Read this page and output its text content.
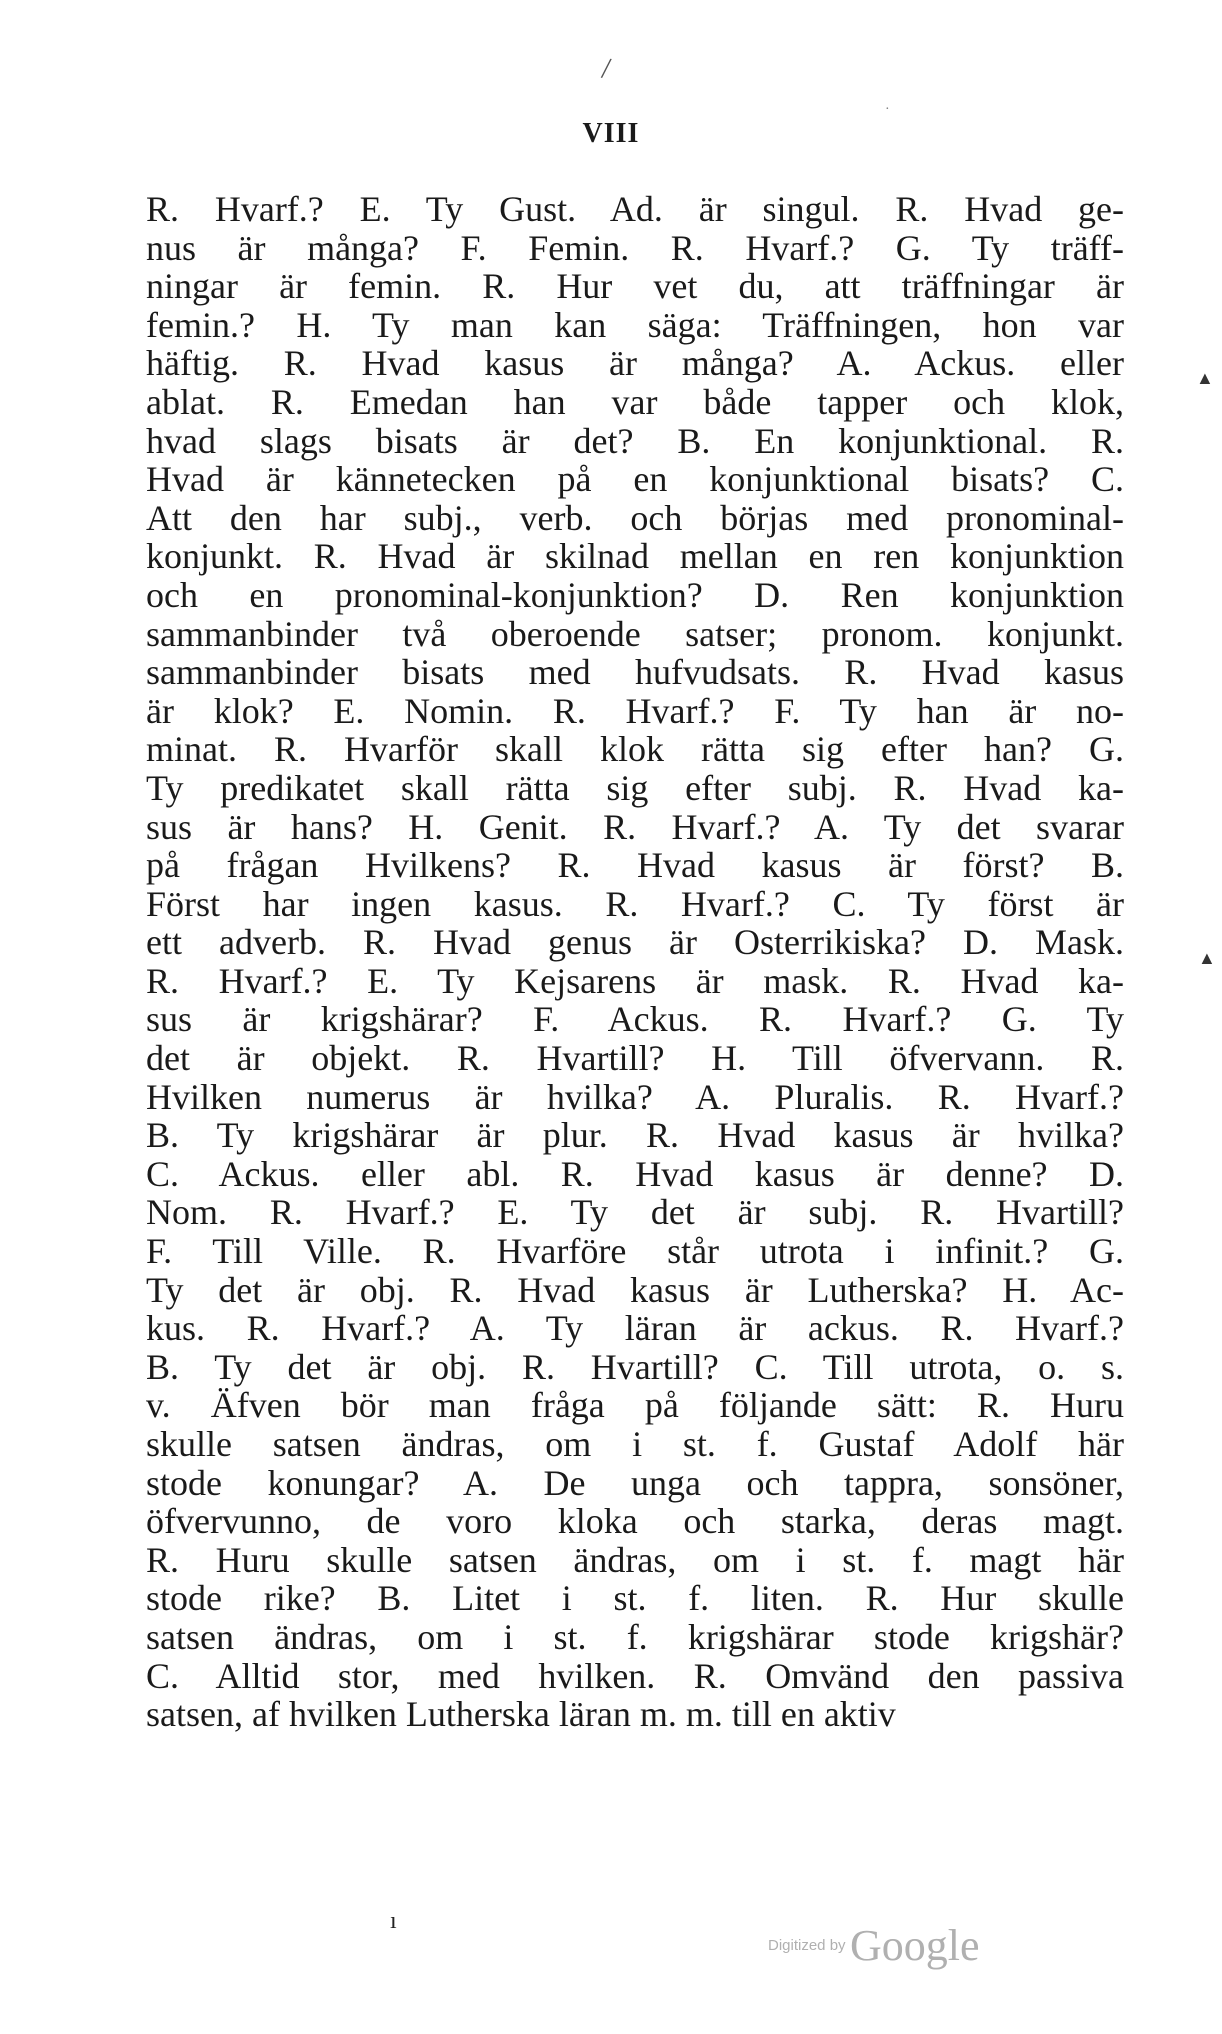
/
·
VIII
R. Hvarf.? E. Ty Gust. Ad. är singul. R. Hvad ge-
nus är många? F. Femin. R. Hvarf.? G. Ty träff-
ningar är femin. R. Hur vet du, att träffningar är
femin.? H. Ty man kan säga: Träffningen, hon var
häftig. R. Hvad kasus är många? A. Ackus. eller
ablat. R. Emedan han var både tapper och klok,
hvad slags bisats är det? B. En konjunktional. R.
Hvad är kännetecken på en konjunktional bisats? C.
Att den har subj., verb. och börjas med pronominal-
konjunkt. R. Hvad är skilnad mellan en ren konjunktion
och en pronominal-konjunktion? D. Ren konjunktion
sammanbinder två oberoende satser; pronom. konjunkt.
sammanbinder bisats med hufvudsats. R. Hvad kasus
är klok? E. Nomin. R. Hvarf.? F. Ty han är no-
minat. R. Hvarför skall klok rätta sig efter han? G.
Ty predikatet skall rätta sig efter subj. R. Hvad ka-
sus är hans? H. Genit. R. Hvarf.? A. Ty det svarar
på frågan Hvilkens? R. Hvad kasus är först? B.
Först har ingen kasus. R. Hvarf.? C. Ty först är
ett adverb. R. Hvad genus är Osterrikiska? D. Mask.
R. Hvarf.? E. Ty Kejsarens är mask. R. Hvad ka-
sus är krigshärar? F. Ackus. R. Hvarf.? G. Ty
det är objekt. R. Hvartill? H. Till öfvervann. R.
Hvilken numerus är hvilka? A. Pluralis. R. Hvarf.?
B. Ty krigshärar är plur. R. Hvad kasus är hvilka?
C. Ackus. eller abl. R. Hvad kasus är denne? D.
Nom. R. Hvarf.? E. Ty det är subj. R. Hvartill?
F. Till Ville. R. Hvarföre står utrota i infinit.? G.
Ty det är obj. R. Hvad kasus är Lutherska? H. Ac-
kus. R. Hvarf.? A. Ty läran är ackus. R. Hvarf.?
B. Ty det är obj. R. Hvartill? C. Till utrota, o. s.
v. Äfven bör man fråga på följande sätt: R. Huru
skulle satsen ändras, om i st. f. Gustaf Adolf här
stode konungar? A. De unga och tappra, sonsöner,
öfvervunno, de voro kloka och starka, deras magt.
R. Huru skulle satsen ändras, om i st. f. magt här
stode rike? B. Litet i st. f. liten. R. Hur skulle
satsen ändras, om i st. f. krigshärar stode krigshär?
C. Alltid stor, med hvilken. R. Omvänd den passiva
satsen, af hvilken Lutherska läran m. m. till en aktiv
▲
▲
ı
Digitized by Google
